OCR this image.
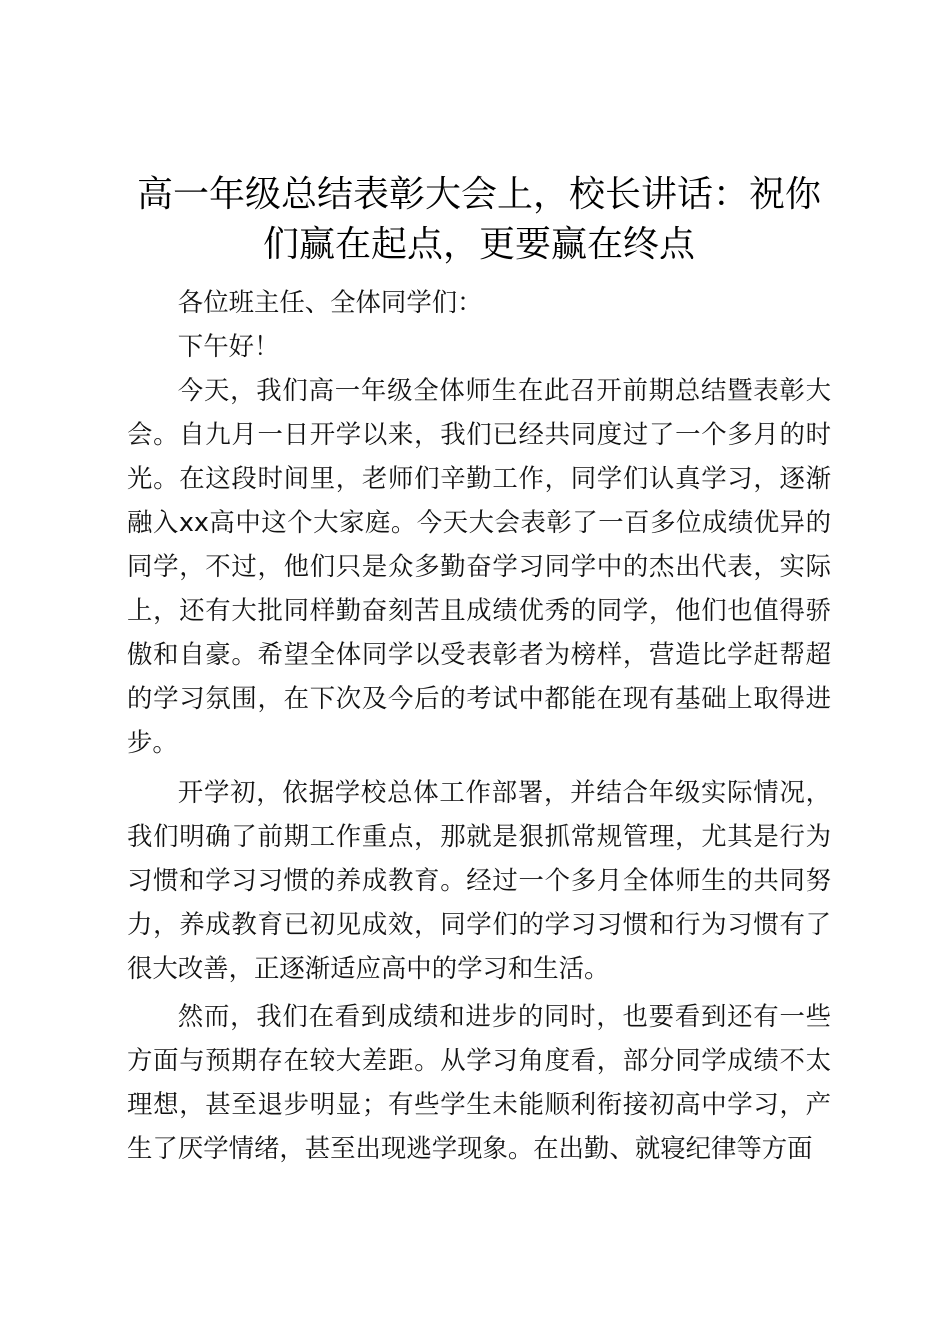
高一年级总结表彰大会上，校长讲话：祝你们赢在起点，更要赢在终点

各位班主任、全体同学们：

下午好！

今天，我们高一年级全体师生在此召开前期总结暨表彰大会。自九月一日开学以来，我们已经共同度过了一个多月的时光。在这段时间里，老师们辛勤工作，同学们认真学习，逐渐融入xx高中这个大家庭。今天大会表彰了一百多位成绩优异的同学，不过，他们只是众多勤奋学习同学中的杰出代表，实际上，还有大批同样勤奋刻苦且成绩优秀的同学，他们也值得骄傲和自豪。希望全体同学以受表彰者为榜样，营造比学赶帮超的学习氛围，在下次及今后的考试中都能在现有基础上取得进步。

开学初，依据学校总体工作部署，并结合年级实际情况，我们明确了前期工作重点，那就是狠抓常规管理，尤其是行为习惯和学习习惯的养成教育。经过一个多月全体师生的共同努力，养成教育已初见成效，同学们的学习习惯和行为习惯有了很大改善，正逐渐适应高中的学习和生活。

然而，我们在看到成绩和进步的同时，也要看到还有一些方面与预期存在较大差距。从学习角度看，部分同学成绩不太理想，甚至退步明显；有些学生未能顺利衔接初高中学习，产生了厌学情绪，甚至出现逃学现象。在出勤、就寝纪律等方面
